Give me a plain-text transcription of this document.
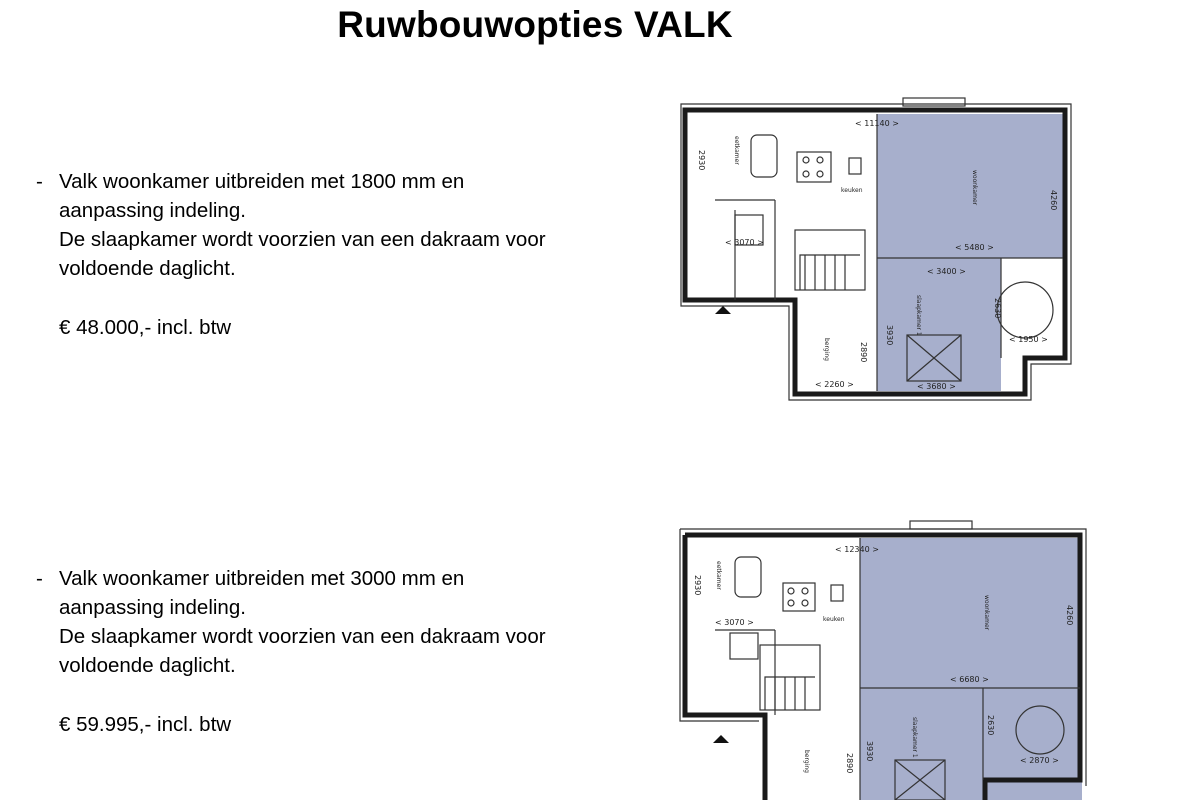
Ruwbouwopties VALK
- Valk woonkamer uitbreiden met 1800 mm en
aanpassing indeling.
De slaapkamer wordt voorzien van een dakraam voor
voldoende daglicht.
€ 48.000,- incl. btw
< 11140 >
< 3070 >
< 5480 >
< 3400 >
< 1950 >
< 2260 >	< 3680 >
2930
4260
2630
3930
2890
eetkamer
keuken	woonkamer
slaapkamer 1
berging
- Valk woonkamer uitbreiden met 3000 mm en
aanpassing indeling.
De slaapkamer wordt voorzien van een dakraam voor
voldoende daglicht.
€ 59.995,- incl. btw
< 12340 >
< 3070 >
< 6680 >
< 2870 >
2930
4260
2630
3930
2890
eetkamer
keuken	woonkamer
slaapkamer 1
berging
